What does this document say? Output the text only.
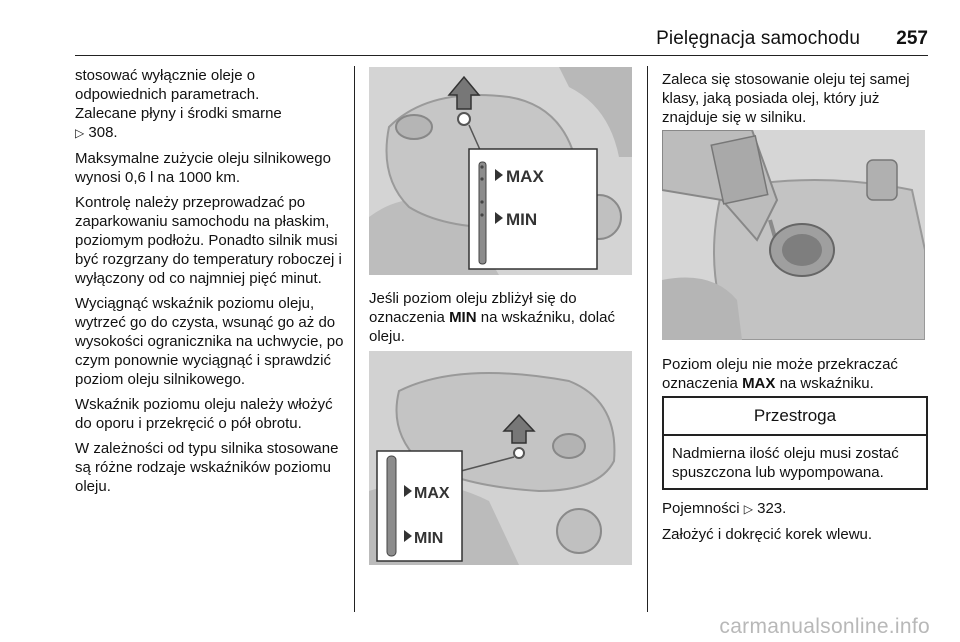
Pielęgnacja samochodu	257

stosować wyłącznie oleje o odpowiednich parametrach.
Zalecane płyny i środki smarne
▷ 308.

Maksymalne zużycie oleju silnikowego wynosi 0,6 l na 1000 km.

Kontrolę należy przeprowadzać po zaparkowaniu samochodu na płaskim, poziomym podłożu. Ponadto silnik musi być rozgrzany do temperatury roboczej i wyłączony od co najmniej pięć minut.

Wyciągnąć wskaźnik poziomu oleju, wytrzeć go do czysta, wsunąć go aż do wysokości ogranicznika na uchwycie, po czym ponownie wyciągnąć i sprawdzić poziom oleju silnikowego.

Wskaźnik poziomu oleju należy włożyć do oporu i przekręcić o pół obrotu.

W zależności od typu silnika stosowane są różne rodzaje wskaźników poziomu oleju.

MAX
MIN

Jeśli poziom oleju zbliżył się do oznaczenia MIN na wskaźniku, dolać oleju.

MAX
MIN

Zaleca się stosowanie oleju tej samej klasy, jaką posiada olej, który już znajduje się w silniku.

Poziom oleju nie może przekraczać oznaczenia MAX na wskaźniku.

Przestroga
Nadmierna ilość oleju musi zostać spuszczona lub wypompowana.

Pojemności ▷ 323.

Założyć i dokręcić korek wlewu.

carmanualsonline.info
